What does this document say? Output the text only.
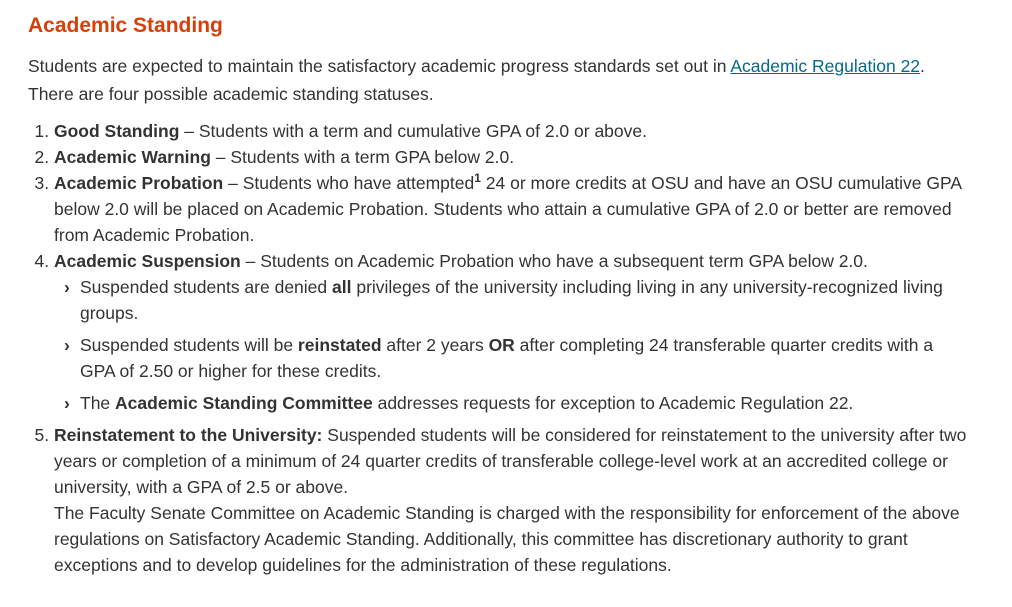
Academic Standing

Students are expected to maintain the satisfactory academic progress standards set out in Academic Regulation 22. There are four possible academic standing statuses.

1. Good Standing – Students with a term and cumulative GPA of 2.0 or above.
2. Academic Warning – Students with a term GPA below 2.0.
3. Academic Probation – Students who have attempted$^1$ 24 or more credits at OSU and have an OSU cumulative GPA below 2.0 will be placed on Academic Probation. Students who attain a cumulative GPA of 2.0 or better are removed from Academic Probation.
4. Academic Suspension – Students on Academic Probation who have a subsequent term GPA below 2.0.
› Suspended students are denied all privileges of the university including living in any university-recognized living groups.
› Suspended students will be reinstated after 2 years OR after completing 24 transferable quarter credits with a GPA of 2.50 or higher for these credits.
› The Academic Standing Committee addresses requests for exception to Academic Regulation 22.
5. Reinstatement to the University: Suspended students will be considered for reinstatement to the university after two years or completion of a minimum of 24 quarter credits of transferable college-level work at an accredited college or university, with a GPA of 2.5 or above.
The Faculty Senate Committee on Academic Standing is charged with the responsibility for enforcement of the above regulations on Satisfactory Academic Standing. Additionally, this committee has discretionary authority to grant exceptions and to develop guidelines for the administration of these regulations.
